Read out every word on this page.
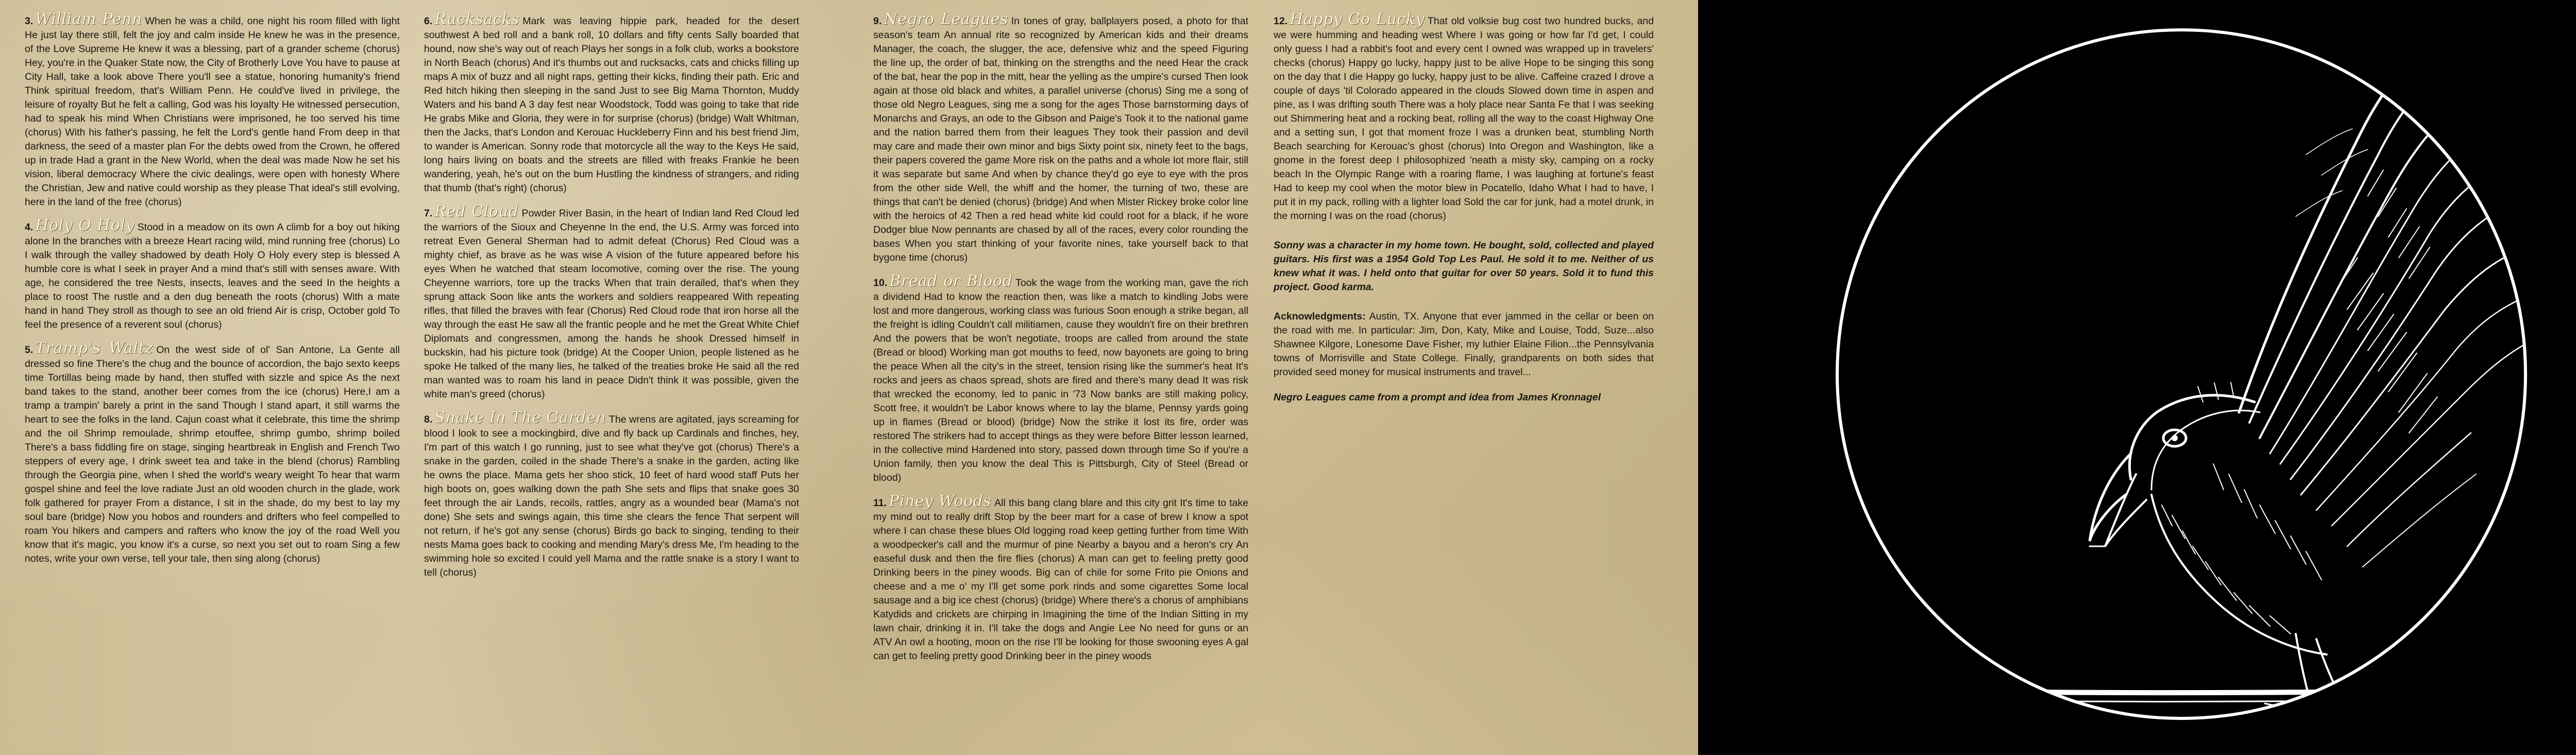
3. William Penn When he was a child, one night his room filled with light He just lay there still, felt the joy and calm inside He knew he was in the presence, of the Love Supreme He knew it was a blessing, part of a grander scheme (chorus) Hey, you're in the Quaker State now, the City of Brotherly Love You have to pause at City Hall, take a look above There you'll see a statue, honoring humanity's friend Think spiritual freedom, that's William Penn. He could've lived in privilege, the leisure of royalty But he felt a calling, God was his loyalty He witnessed persecution, had to speak his mind When Christians were imprisoned, he too served his time (chorus) With his father's passing, he felt the Lord's gentle hand From deep in that darkness, the seed of a master plan For the debts owed from the Crown, he offered up in trade Had a grant in the New World, when the deal was made Now he set his vision, liberal democracy Where the civic dealings, were open with honesty Where the Christian, Jew and native could worship as they please That ideal's still evolving, here in the land of the free (chorus)

4. Holy O Holy Stood in a meadow on its own A climb for a boy out hiking alone In the branches with a breeze Heart racing wild, mind running free (chorus) Lo I walk through the valley shadowed by death Holy O Holy every step is blessed A humble core is what I seek in prayer And a mind that's still with senses aware. With age, he considered the tree Nests, insects, leaves and the seed In the heights a place to roost The rustle and a den dug beneath the roots (chorus) With a mate hand in hand They stroll as though to see an old friend Air is crisp, October gold To feel the presence of a reverent soul (chorus)

5. Tramp's Waltz On the west side of ol' San Antone, La Gente all dressed so fine There's the chug and the bounce of accordion, the bajo sexto keeps time Tortillas being made by hand, then stuffed with sizzle and spice As the next band takes to the stand, another beer comes from the ice (chorus) Here,I am a tramp a trampin' barely a print in the sand Though I stand apart, it still warms the heart to see the folks in the land. Cajun coast what it celebrate, this time the shrimp and the oil Shrimp remoulade, shrimp etouffee, shrimp gumbo, shrimp boiled There's a bass fiddling fire on stage, singing heartbreak in English and French Two steppers of every age, I drink sweet tea and take in the blend (chorus) Rambling through the Georgia pine, when I shed the world's weary weight To hear that warm gospel shine and feel the love radiate Just an old wooden church in the glade, work folk gathered for prayer From a distance, I sit in the shade, do my best to lay my soul bare (bridge) Now you hobos and rounders and drifters who feel compelled to roam You hikers and campers and rafters who know the joy of the road Well you know that it's magic, you know it's a curse, so next you set out to roam Sing a few notes, write your own verse, tell your tale, then sing along (chorus)

6. Rucksacks Mark was leaving hippie park, headed for the desert southwest A bed roll and a bank roll, 10 dollars and fifty cents Sally boarded that hound, now she's way out of reach Plays her songs in a folk club, works a bookstore in North Beach (chorus) And it's thumbs out and rucksacks, cats and chicks filling up maps A mix of buzz and all night raps, getting their kicks, finding their path. Eric and Red hitch hiking then sleeping in the sand Just to see Big Mama Thornton, Muddy Waters and his band A 3 day fest near Woodstock, Todd was going to take that ride He grabs Mike and Gloria, they were in for surprise (chorus) (bridge) Walt Whitman, then the Jacks, that's London and Kerouac Huckleberry Finn and his best friend Jim, to wander is American. Sonny rode that motorcycle all the way to the Keys He said, long hairs living on boats and the streets are filled with freaks Frankie he been wandering, yeah, he's out on the bum Hustling the kindness of strangers, and riding that thumb (that's right) (chorus)

7. Red Cloud Powder River Basin, in the heart of Indian land Red Cloud led the warriors of the Sioux and Cheyenne In the end, the U.S. Army was forced into retreat Even General Sherman had to admit defeat (Chorus) Red Cloud was a mighty chief, as brave as he was wise A vision of the future appeared before his eyes When he watched that steam locomotive, coming over the rise. The young Cheyenne warriors, tore up the tracks When that train derailed, that's when they sprung attack Soon like ants the workers and soldiers reappeared With repeating rifles, that filled the braves with fear (Chorus) Red Cloud rode that iron horse all the way through the east He saw all the frantic people and he met the Great White Chief Diplomats and congressmen, among the hands he shook Dressed himself in buckskin, had his picture took (bridge) At the Cooper Union, people listened as he spoke He talked of the many lies, he talked of the treaties broke He said all the red man wanted was to roam his land in peace Didn't think it was possible, given the white man's greed (chorus)

8. Snake In The Garden The wrens are agitated, jays screaming for blood I look to see a mockingbird, dive and fly back up Cardinals and finches, hey, I'm part of this watch I go running, just to see what they've got (chorus) There's a snake in the garden, coiled in the shade There's a snake in the garden, acting like he owns the place. Mama gets her shoo stick, 10 feet of hard wood staff Puts her high boots on, goes walking down the path She sets and flips that snake goes 30 feet through the air Lands, recoils, rattles, angry as a wounded bear (Mama's not done) She sets and swings again, this time she clears the fence That serpent will not return, if he's got any sense (chorus) Birds go back to singing, tending to their nests Mama goes back to cooking and mending Mary's dress Me, I'm heading to the swimming hole so excited I could yell Mama and the rattle snake is a story I want to tell (chorus)

9. Negro Leagues In tones of gray, ballplayers posed, a photo for that season's team An annual rite so recognized by American kids and their dreams Manager, the coach, the slugger, the ace, defensive whiz and the speed Figuring the line up, the order of bat, thinking on the strengths and the need Hear the crack of the bat, hear the pop in the mitt, hear the yelling as the umpire's cursed Then look again at those old black and whites, a parallel universe (chorus) Sing me a song of those old Negro Leagues, sing me a song for the ages Those barnstorming days of Monarchs and Grays, an ode to the Gibson and Paige's Took it to the national game and the nation barred them from their leagues They took their passion and devil may care and made their own minor and bigs Sixty point six, ninety feet to the bags, their papers covered the game More risk on the paths and a whole lot more flair, still it was separate but same And when by chance they'd go eye to eye with the pros from the other side Well, the whiff and the homer, the turning of two, these are things that can't be denied (chorus) (bridge) And when Mister Rickey broke color line with the heroics of 42 Then a red head white kid could root for a black, if he wore Dodger blue Now pennants are chased by all of the races, every color rounding the bases When you start thinking of your favorite nines, take yourself back to that bygone time (chorus)

10. Bread or Blood Took the wage from the working man, gave the rich a dividend Had to know the reaction then, was like a match to kindling Jobs were lost and more dangerous, working class was furious Soon enough a strike began, all the freight is idling Couldn't call militiamen, cause they wouldn't fire on their brethren And the powers that be won't negotiate, troops are called from around the state (Bread or blood) Working man got mouths to feed, now bayonets are going to bring the peace When all the city's in the street, tension rising like the summer's heat It's rocks and jeers as chaos spread, shots are fired and there's many dead It was risk that wrecked the economy, led to panic in '73 Now banks are still making policy, Scott free, it wouldn't be Labor knows where to lay the blame, Pennsy yards going up in flames (Bread or blood) (bridge) Now the strike it lost its fire, order was restored The strikers had to accept things as they were before Bitter lesson learned, in the collective mind Hardened into story, passed down through time So if you're a Union family, then you know the deal This is Pittsburgh, City of Steel (Bread or blood)

11. Piney Woods All this bang clang blare and this city grit It's time to take my mind out to really drift Stop by the beer mart for a case of brew I know a spot where I can chase these blues Old logging road keep getting further from time With a woodpecker's call and the murmur of pine Nearby a bayou and a heron's cry An easeful dusk and then the fire flies (chorus) A man can get to feeling pretty good Drinking beers in the piney woods. Big can of chile for some Frito pie Onions and cheese and a me o' my I'll get some pork rinds and some cigarettes Some local sausage and a big ice chest (chorus) (bridge) Where there's a chorus of amphibians Katydids and crickets are chirping in Imagining the time of the Indian Sitting in my lawn chair, drinking it in. I'll take the dogs and Angie Lee No need for guns or an ATV An owl a hooting, moon on the rise I'll be looking for those swooning eyes A gal can get to feeling pretty good Drinking beer in the piney woods

12. Happy Go Lucky That old volksie bug cost two hundred bucks, and we were humming and heading west Where I was going or how far I'd get, I could only guess I had a rabbit's foot and every cent I owned was wrapped up in travelers' checks (chorus) Happy go lucky, happy just to be alive Hope to be singing this song on the day that I die Happy go lucky, happy just to be alive. Caffeine crazed I drove a couple of days 'til Colorado appeared in the clouds Slowed down time in aspen and pine, as I was drifting south There was a holy place near Santa Fe that I was seeking out Shimmering heat and a rocking beat, rolling all the way to the coast Highway One and a setting sun, I got that moment froze I was a drunken beat, stumbling North Beach searching for Kerouac's ghost (chorus) Into Oregon and Washington, like a gnome in the forest deep I philosophized 'neath a misty sky, camping on a rocky beach In the Olympic Range with a roaring flame, I was laughing at fortune's feast Had to keep my cool when the motor blew in Pocatello, Idaho What I had to have, I put it in my pack, rolling with a lighter load Sold the car for junk, had a motel drunk, in the morning I was on the road (chorus)

Sonny was a character in my home town. He bought, sold, collected and played guitars. His first was a 1954 Gold Top Les Paul. He sold it to me. Neither of us knew what it was. I held onto that guitar for over 50 years. Sold it to fund this project. Good karma.

Acknowledgments: Austin, TX. Anyone that ever jammed in the cellar or been on the road with me. In particular: Jim, Don, Katy, Mike and Louise, Todd, Suze...also Shawnee Kilgore, Lonesome Dave Fisher, my luthier Elaine Filion...the Pennsylvania towns of Morrisville and State College. Finally, grandparents on both sides that provided seed money for musical instruments and travel...

Negro Leagues came from a prompt and idea from James Kronnagel
